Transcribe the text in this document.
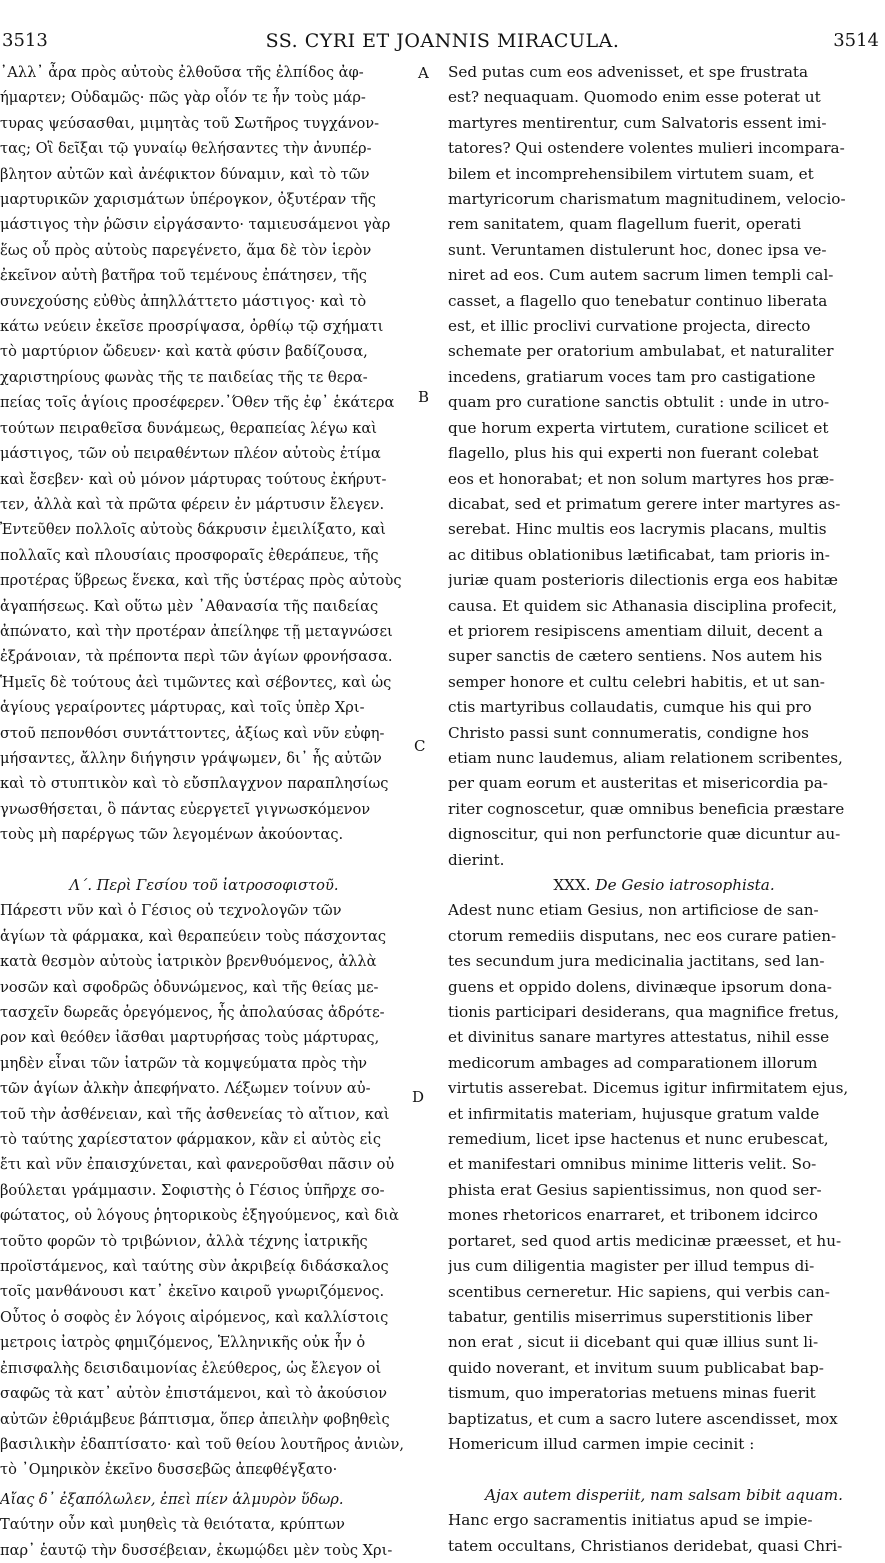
3513	SS. CYRI ET JOANNIS MIRACULA.	3514
A
B
C
D
᾿Αλλ᾿ ἆρα πρὸς αὐτοὺς ἐλθοῦσα τῆς ἐλπίδος ἀφ-
ήμαρτεν; Οὐδαμῶς· πῶς γὰρ οἷόν τε ἦν τοὺς μάρ-
τυρας ψεύσασθαι, μιμητὰς τοῦ Σωτῆρος τυγχάνον-
τας; Οἳ δεῖξαι τῷ γυναίῳ θελήσαντες τὴν ἀνυπέρ-
βλητον αὐτῶν καὶ ἀνέφικτον δύναμιν, καὶ τὸ τῶν
μαρτυρικῶν χαρισμάτων ὑπέρογκον, ὀξυτέραν τῆς
μάστιγος τὴν ῥῶσιν εἰργάσαντο· ταμιευσάμενοι γὰρ
ἕως οὗ πρὸς αὐτοὺς παρεγένετο, ἅμα δὲ τὸν ἱερὸν
ἐκεῖνον αὐτὴ βατῆρα τοῦ τεμένους ἐπάτησεν, τῆς
συνεχούσης εὐθὺς ἀπηλλάττετο μάστιγος· καὶ τὸ
κάτω νεύειν ἐκεῖσε προσρίψασα, ὀρθίῳ τῷ σχήματι
τὸ μαρτύριον ὤδευεν· καὶ κατὰ φύσιν βαδίζουσα,
χαριστηρίους φωνὰς τῆς τε παιδείας τῆς τε θερα-
πείας τοῖς ἁγίοις προσέφερεν.᾿Όθεν τῆς ἐφ᾿ ἑκάτερα
τούτων πειραθεῖσα δυνάμεως, θεραπείας λέγω καὶ
μάστιγος, τῶν οὐ πειραθέντων πλέον αὐτοὺς ἐτίμα
καὶ ἔσεβεν· καὶ οὐ μόνον μάρτυρας τούτους ἐκήρυτ-
τεν, ἀλλὰ καὶ τὰ πρῶτα φέρειν ἐν μάρτυσιν ἔλεγεν.
Ἐντεῦθεν πολλοῖς αὐτοὺς δάκρυσιν ἐμειλίξατο, καὶ
πολλαῖς καὶ πλουσίαις προσφοραῖς ἐθεράπευε, τῆς
προτέρας ὕβρεως ἕνεκα, καὶ τῆς ὑστέρας πρὸς αὐτοὺς
ἀγαπήσεως. Καὶ οὕτω μὲν ᾿Αθανασία τῆς παιδείας
ἀπώνατο, καὶ τὴν προτέραν ἀπείληφε τῇ μεταγνώσει
ἐξράνοιαν, τὰ πρέποντα περὶ τῶν ἁγίων φρονήσασα.
Ἡμεῖς δὲ τούτους ἀεὶ τιμῶντες καὶ σέβοντες, καὶ ὡς
ἁγίους γεραίροντες μάρτυρας, καὶ τοῖς ὑπὲρ Χρι-
στοῦ πεπονθόσι συντάττοντες, ἀξίως καὶ νῦν εὐφη-
μήσαντες, ἄλλην διήγησιν γράψωμεν, δι᾿ ἧς αὐτῶν
καὶ τὸ στυπτικὸν καὶ τὸ εὔσπλαγχνον παραπλησίως
γνωσθήσεται, ὃ πάντας εὐεργετεῖ γιγνωσκόμενον
τοὺς μὴ παρέργως τῶν λεγομένων ἀκούοντας.
Λ΄. Περὶ Γεσίου τοῦ ἰατροσοφιστοῦ.
Πάρεστι νῦν καὶ ὁ Γέσιος οὐ τεχνολογῶν τῶν
ἁγίων τὰ φάρμακα, καὶ θεραπεύειν τοὺς πάσχοντας
κατὰ θεσμὸν αὐτοὺς ἰατρικὸν βρενθυόμενος, ἀλλὰ
νοσῶν καὶ σφοδρῶς ὀδυνώμενος, καὶ τῆς θείας με-
τασχεῖν δωρεᾶς ὀρεγόμενος, ἧς ἀπολαύσας ἀδρότε-
ρον καὶ θεόθεν ἰᾶσθαι μαρτυρήσας τοὺς μάρτυρας,
μηδὲν εἶναι τῶν ἰατρῶν τὰ κομψεύματα πρὸς τὴν
τῶν ἁγίων ἀλκὴν ἀπεφήνατο. Λέξωμεν τοίνυν αὐ-
τοῦ τὴν ἀσθένειαν, καὶ τῆς ἀσθενείας τὸ αἴτιον, καὶ
τὸ ταύτης χαρίεστατον φάρμακον, κἂν εἰ αὐτὸς εἰς
ἔτι καὶ νῦν ἐπαισχύνεται, καὶ φανεροῦσθαι πᾶσιν οὐ
βούλεται γράμμασιν. Σοφιστὴς ὁ Γέσιος ὑπῆρχε σο-
φώτατος, οὐ λόγους ῥητορικοὺς ἐξηγούμενος, καὶ διὰ
τοῦτο φορῶν τὸ τριβώνιον, ἀλλὰ τέχνης ἰατρικῆς
προϊστάμενος, καὶ ταύτης σὺν ἀκριβείᾳ διδάσκαλος
τοῖς μανθάνουσι κατ᾿ ἐκεῖνο καιροῦ γνωριζόμενος.
Οὗτος ὁ σοφὸς ἐν λόγοις αἰρόμενος, καὶ καλλίστοις
μετροις ἰατρὸς φημιζόμενος, Ἑλληνικῆς οὐκ ἦν ὁ
ἐπισφαλὴς δεισιδαιμονίας ἐλεύθερος, ὡς ἔλεγον οἱ
σαφῶς τὰ κατ᾿ αὐτὸν ἐπιστάμενοι, καὶ τὸ ἀκούσιον
αὐτῶν ἐθριάμβευε βάπτισμα, ὅπερ ἀπειλὴν φοβηθεὶς
βασιλικὴν ἐδαπτίσατο· καὶ τοῦ θείου λουτῆρος ἀνιὼν,
τὸ ᾿Ομηρικὸν ἐκεῖνο δυσσεβῶς ἀπεφθέγξατο·
Αἴας δ᾿ ἐξαπόλωλεν, ἐπεὶ πίεν ἁλμυρὸν ὕδωρ.
Ταύτην οὖν καὶ μυηθεὶς τὰ θειότατα, κρύπτων
παρ᾿ ἑαυτῷ τὴν δυσσέβειαν, ἐκωμῴδει μὲν τοὺς Χρι-
Sed putas cum eos advenisset, et spe frustrata
est? nequaquam. Quomodo enim esse poterat ut
martyres mentirentur, cum Salvatoris essent imi-
tatores? Qui ostendere volentes mulieri incompara-
bilem et incomprehensibilem virtutem suam, et
martyricorum charismatum magnitudinem, velocio-
rem sanitatem, quam flagellum fuerit, operati
sunt. Veruntamen distulerunt hoc, donec ipsa ve-
niret ad eos. Cum autem sacrum limen templi cal-
casset, a flagello quo tenebatur continuo liberata
est, et illic proclivi curvatione projecta, directo
schemate per oratorium ambulabat, et naturaliter
incedens, gratiarum voces tam pro castigatione
quam pro curatione sanctis obtulit : unde in utro-
que horum experta virtutem, curatione scilicet et
flagello, plus his qui experti non fuerant colebat
eos et honorabat; et non solum martyres hos præ-
dicabat, sed et primatum gerere inter martyres as-
serebat. Hinc multis eos lacrymis placans, multis
ac ditibus oblationibus lætificabat, tam prioris in-
juriæ quam posterioris dilectionis erga eos habitæ
causa. Et quidem sic Athanasia disciplina profecit,
et priorem resipiscens amentiam diluit, decent a
super sanctis de cætero sentiens. Nos autem his
semper honore et cultu celebri habitis, et ut san-
ctis martyribus collaudatis, cumque his qui pro
Christo passi sunt connumeratis, condigne hos
etiam nunc laudemus, aliam relationem scribentes,
per quam eorum et austeritas et misericordia pa-
riter cognoscetur, quæ omnibus beneficia præstare
dignoscitur, qui non perfunctorie quæ dicuntur au-
dierint.
XXX. De Gesio iatrosophista.
Adest nunc etiam Gesius, non artificiose de san-
ctorum remediis disputans, nec eos curare patien-
tes secundum jura medicinalia jactitans, sed lan-
guens et oppido dolens, divinæque ipsorum dona-
tionis participari desiderans, qua magnifice fretus,
et divinitus sanare martyres attestatus, nihil esse
medicorum ambages ad comparationem illorum
virtutis asserebat. Dicemus igitur infirmitatem ejus,
et infirmitatis materiam, hujusque gratum valde
remedium, licet ipse hactenus et nunc erubescat,
et manifestari omnibus minime litteris velit. So-
phista erat Gesius sapientissimus, non quod ser-
mones rhetoricos enarraret, et tribonem idcirco
portaret, sed quod artis medicinæ præesset, et hu-
jus cum diligentia magister per illud tempus di-
scentibus cerneretur. Hic sapiens, qui verbis can-
tabatur, gentilis miserrimus superstitionis liber
non erat , sicut ii dicebant qui quæ illius sunt li-
quido noverant, et invitum suum publicabat bap-
tismum, quo imperatorias metuens minas fuerit
baptizatus, et cum a sacro lutere ascendisset, mox
Homericum illud carmen impie cecinit :
Ajax autem disperiit, nam salsam bibit aquam.
Hanc ergo sacramentis initiatus apud se impie-
tatem occultans, Christianos deridebat, quasi Chri-
